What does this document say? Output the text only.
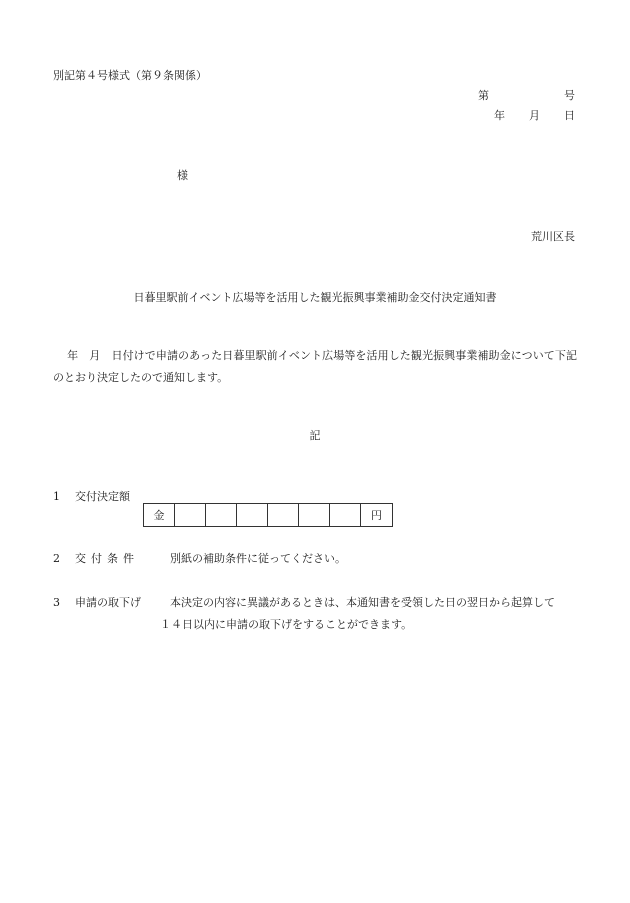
別記第４号様式（第９条関係）
第	号
年 月 日
様
荒川区長
日暮里駅前イベント広場等を活用した観光振興事業補助金交付決定通知書
年　月　日付けで申請のあった日暮里駅前イベント広場等を活用した観光振興事業補助金について下記のとおり決定したので通知します。
記
1 交付決定額
金	円
2 交付条件	別紙の補助条件に従ってください。
3 申請の取下げ	本決定の内容に異議があるときは、本通知書を受領した日の翌日から起算して
１４日以内に申請の取下げをすることができます。
